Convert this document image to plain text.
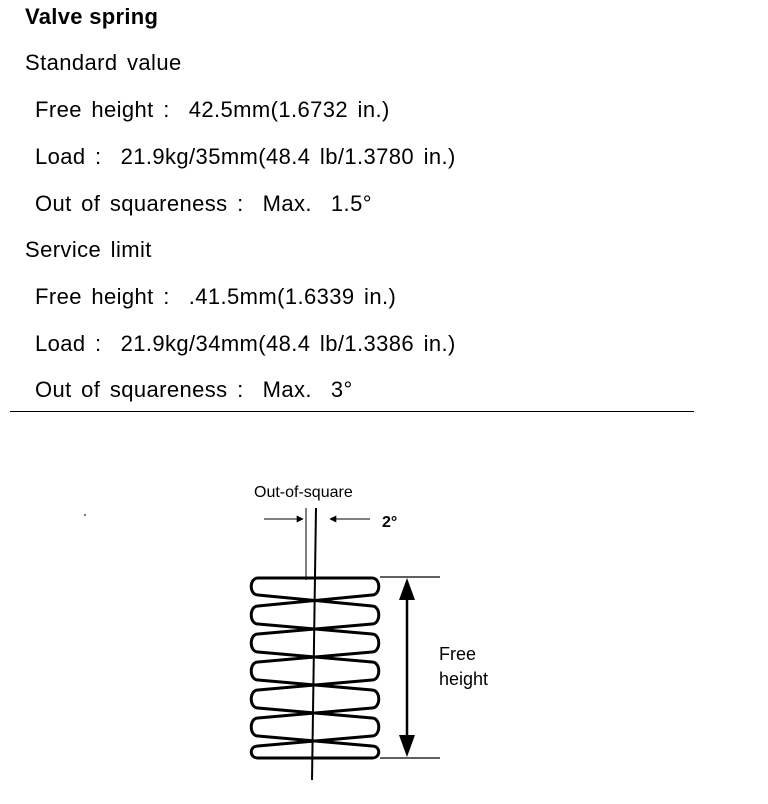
Valve spring
Standard value
Free height :  42.5mm(1.6732 in.)
Load :  21.9kg/35mm(48.4 lb/1.3780 in.)
Out of squareness :  Max.  1.5°
Service limit
Free height :  .41.5mm(1.6339 in.)
Load :  21.9kg/34mm(48.4 lb/1.3386 in.)
Out of squareness :  Max.  3°
Out-of-square
2°
Free
height
